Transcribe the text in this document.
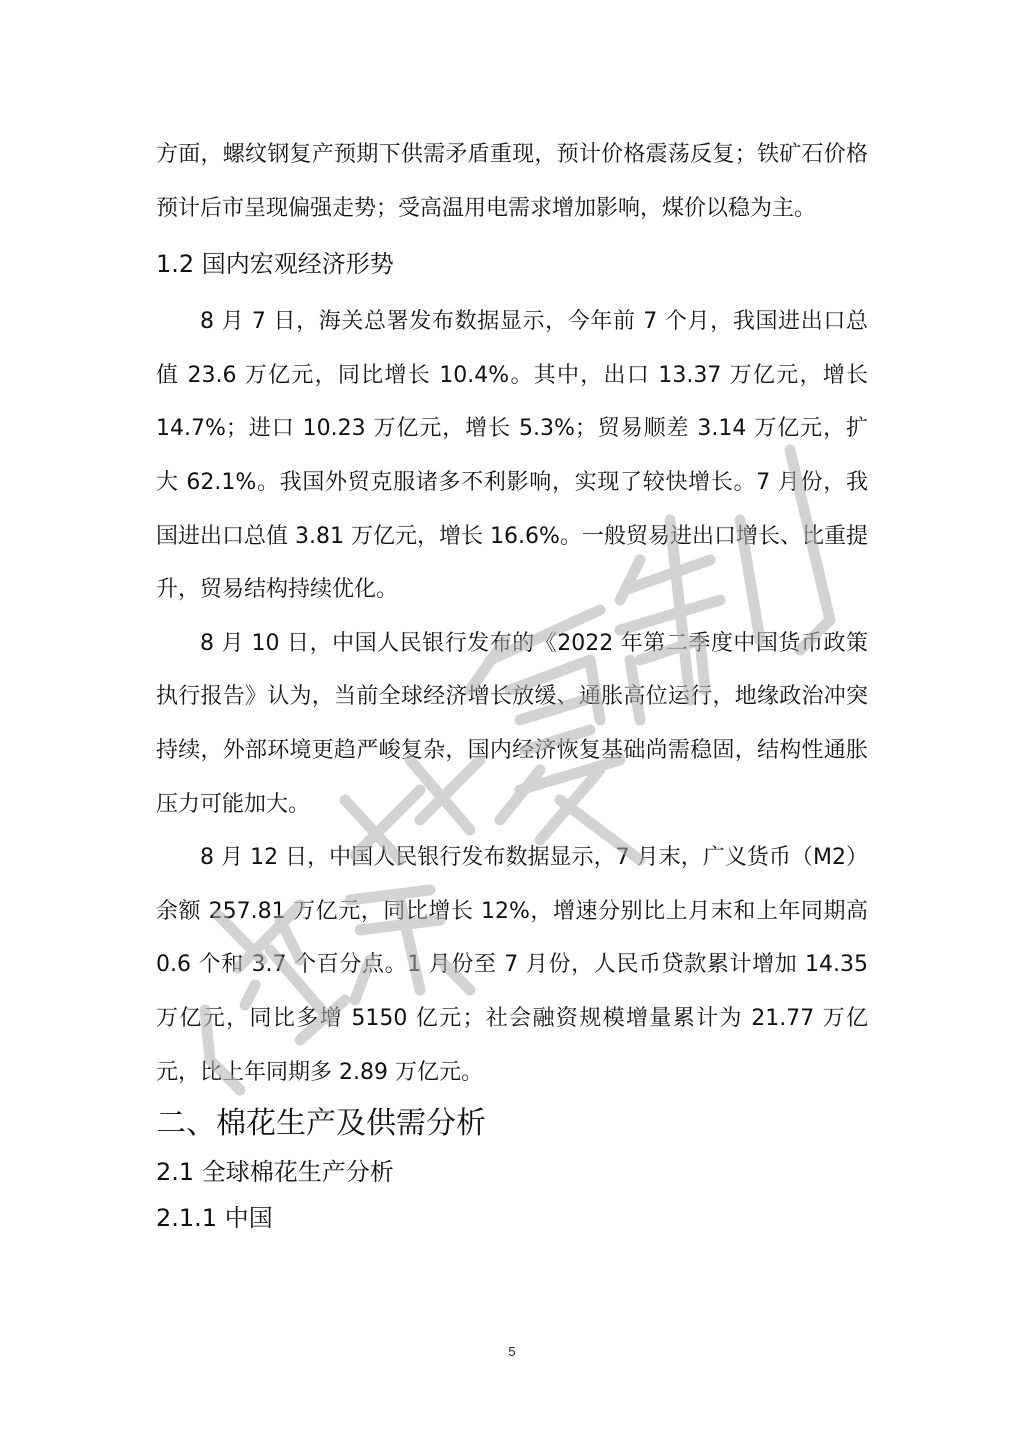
方面，螺纹钢复产预期下供需矛盾重现，预计价格震荡反复；铁矿石价格预计后市呈现偏强走势；受高温用电需求增加影响，煤价以稳为主。

1.2 国内宏观经济形势

8 月 7 日，海关总署发布数据显示，今年前 7 个月，我国进出口总值 23.6 万亿元，同比增长 10.4%。其中，出口 13.37 万亿元，增长 14.7%；进口 10.23 万亿元，增长 5.3%；贸易顺差 3.14 万亿元，扩大 62.1%。我国外贸克服诸多不利影响，实现了较快增长。7 月份，我国进出口总值 3.81 万亿元，增长 16.6%。一般贸易进出口增长、比重提升，贸易结构持续优化。

8 月 10 日，中国人民银行发布的《2022 年第二季度中国货币政策执行报告》认为，当前全球经济增长放缓、通胀高位运行，地缘政治冲突持续，外部环境更趋严峻复杂，国内经济恢复基础尚需稳固，结构性通胀压力可能加大。

8 月 12 日，中国人民银行发布数据显示，7 月末，广义货币（M2）余额 257.81 万亿元，同比增长 12%，增速分别比上月末和上年同期高 0.6 个和 3.7 个百分点。1 月份至 7 月份，人民币贷款累计增加 14.35 万亿元，同比多增 5150 亿元；社会融资规模增量累计为 21.77 万亿元，比上年同期多 2.89 万亿元。

二、棉花生产及供需分析
2.1 全球棉花生产分析
2.1.1 中国
5
